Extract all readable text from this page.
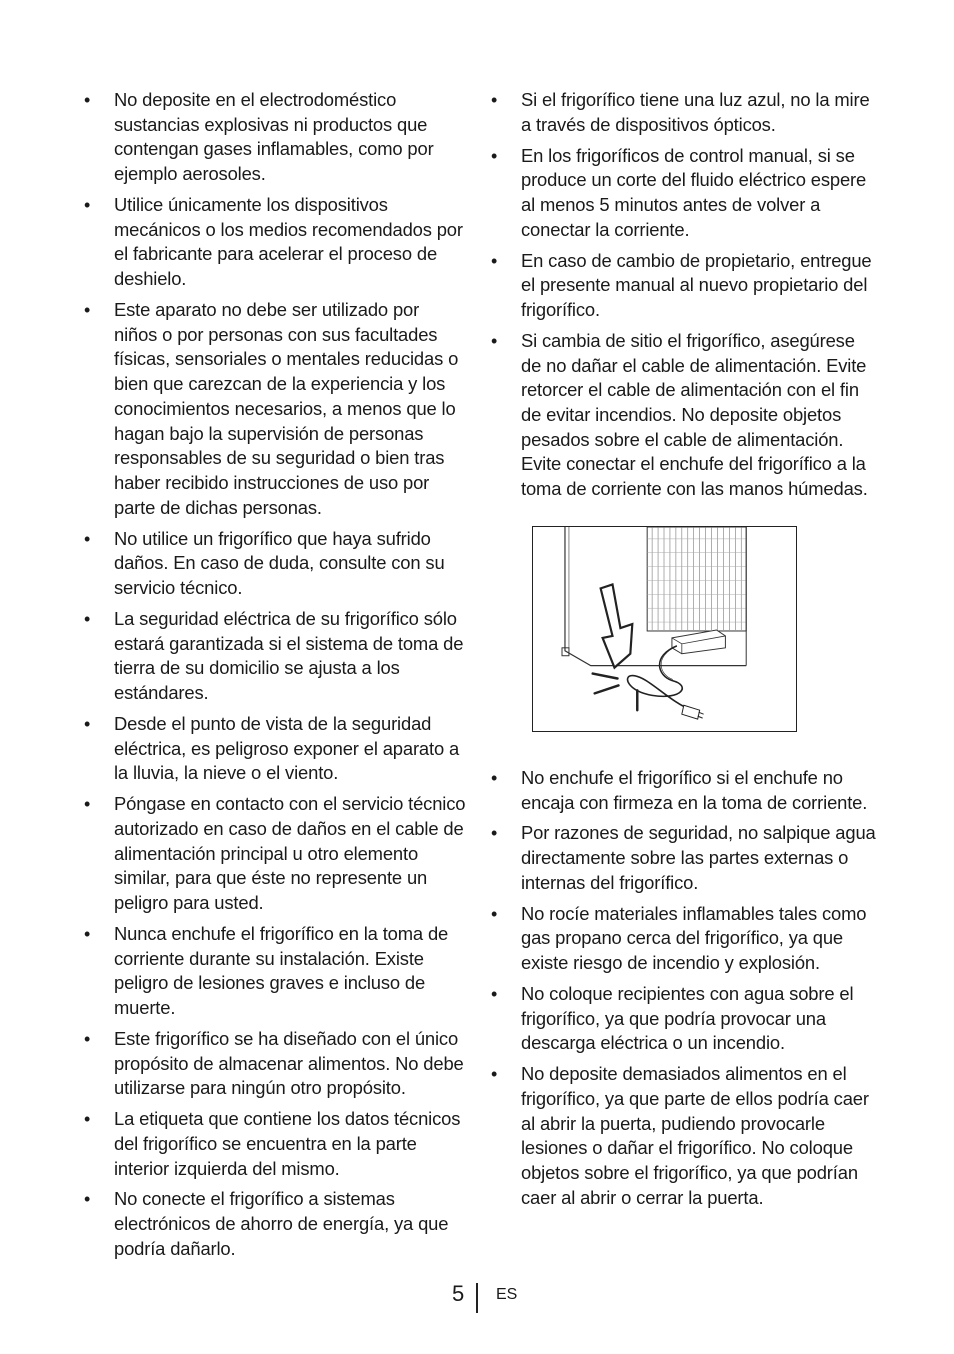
• No deposite en el electrodoméstico sustancias explosivas ni productos que contengan gases inflamables, como por ejemplo aerosoles.
• Utilice únicamente los dispositivos mecánicos o los medios recomendados por el fabricante para acelerar el proceso de deshielo.
• Este aparato no debe ser utilizado por niños o por personas con sus facultades físicas, sensoriales o mentales reducidas o bien que carezcan de la experiencia y los conocimientos necesarios, a menos que lo hagan bajo la supervisión de personas responsables de su seguridad o bien tras haber recibido instrucciones de uso por parte de dichas personas.
• No utilice un frigorífico que haya sufrido daños. En caso de duda, consulte con su servicio técnico.
• La seguridad eléctrica de su frigorífico sólo estará garantizada si el sistema de toma de tierra de su domicilio se ajusta a los estándares.
• Desde el punto de vista de la seguridad eléctrica, es peligroso exponer el aparato a la lluvia, la nieve o el viento.
• Póngase en contacto con el servicio técnico autorizado en caso de daños en el cable de alimentación principal u otro elemento similar, para que éste no represente un peligro para usted.
• Nunca enchufe el frigorífico en la toma de corriente durante su instalación. Existe peligro de lesiones graves e incluso de muerte.
• Este frigorífico se ha diseñado con el único propósito de almacenar alimentos. No debe utilizarse para ningún otro propósito.
• La etiqueta que contiene los datos técnicos del frigorífico se encuentra en la parte interior izquierda del mismo.
• No conecte el frigorífico a sistemas electrónicos de ahorro de energía, ya que podría dañarlo.
• Si el frigorífico tiene una luz azul, no la mire a través de dispositivos ópticos.
• En los frigoríficos de control manual, si se produce un corte del fluido eléctrico espere al menos 5 minutos antes de volver a conectar la corriente.
• En caso de cambio de propietario, entregue el presente manual al nuevo propietario del frigorífico.
• Si cambia de sitio el frigorífico, asegúrese de no dañar el cable de alimentación. Evite retorcer el cable de alimentación con el fin de evitar incendios. No deposite objetos pesados sobre el cable de alimentación. Evite conectar el enchufe del frigorífico a la toma de corriente con las manos húmedas.
• No enchufe el frigorífico si el enchufe no encaja con firmeza en la toma de corriente.
• Por razones de seguridad, no salpique agua directamente sobre las partes externas o internas del frigorífico.
• No rocíe materiales inflamables tales como gas propano cerca del frigorífico, ya que existe riesgo de incendio y explosión.
• No coloque recipientes con agua sobre el frigorífico, ya que podría provocar una descarga eléctrica o un incendio.
• No deposite demasiados alimentos en el frigorífico, ya que parte de ellos podría caer al abrir la puerta, pudiendo provocarle lesiones o dañar el frigorífico. No coloque objetos sobre el frigorífico, ya que podrían caer al abrir o cerrar la puerta.
5 ES
